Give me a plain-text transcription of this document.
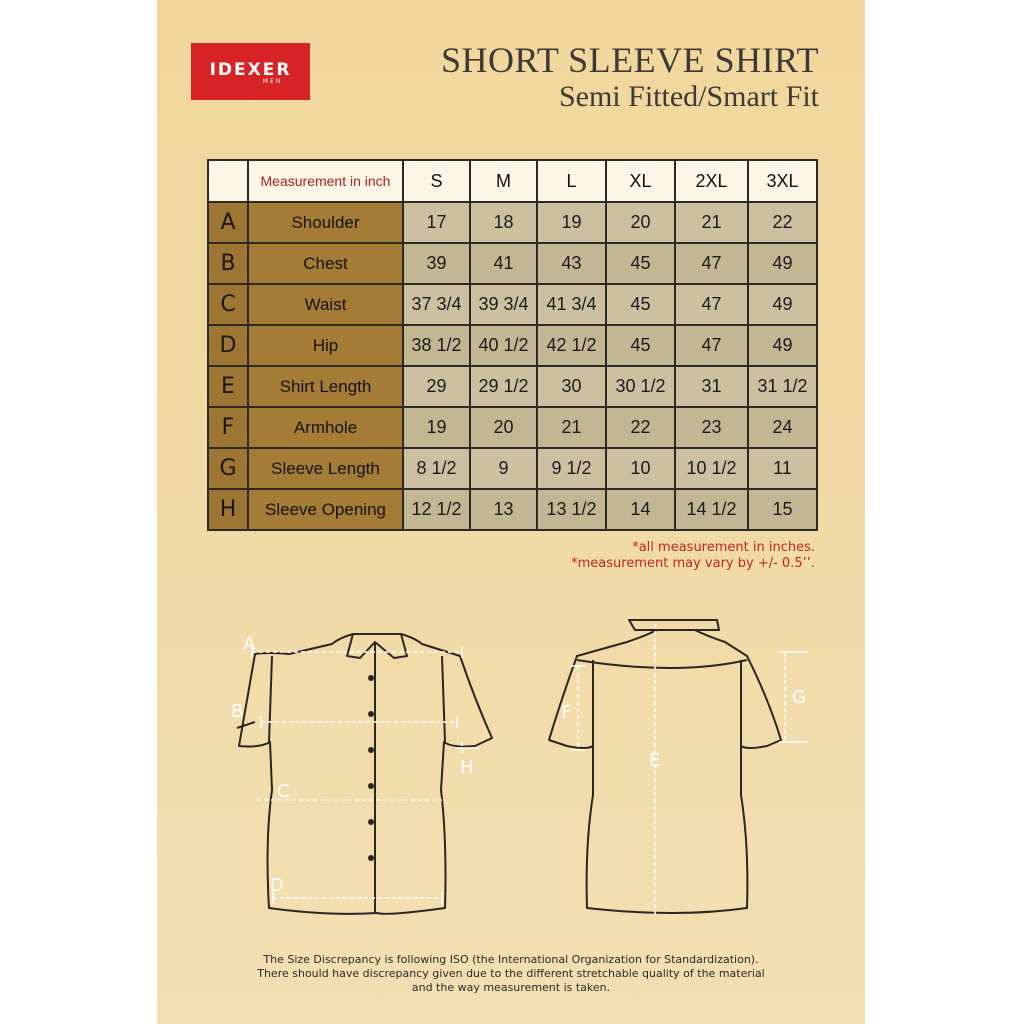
IDEXER
MEN
SHORT SLEEVE SHIRT
Semi Fitted/Smart Fit
	Measurement in inch	S	M	L	XL	2XL	3XL
A	Shoulder	17	18	19	20	21	22
B	Chest	39	41	43	45	47	49
C	Waist	37 3/4	39 3/4	41 3/4	45	47	49
D	Hip	38 1/2	40 1/2	42 1/2	45	47	49
E	Shirt Length	29	29 1/2	30	30 1/2	31	31 1/2
F	Armhole	19	20	21	22	23	24
G	Sleeve Length	8 1/2	9	9 1/2	10	10 1/2	11
H	Sleeve Opening	12 1/2	13	13 1/2	14	14 1/2	15
*all measurement in inches.
*measurement may vary by +/- 0.5’’.
A
B
C
D
E
F
G
H
The Size Discrepancy is following ISO (the International Organization for Standardization).
There should have discrepancy given due to the different stretchable quality of the material
and the way measurement is taken.
